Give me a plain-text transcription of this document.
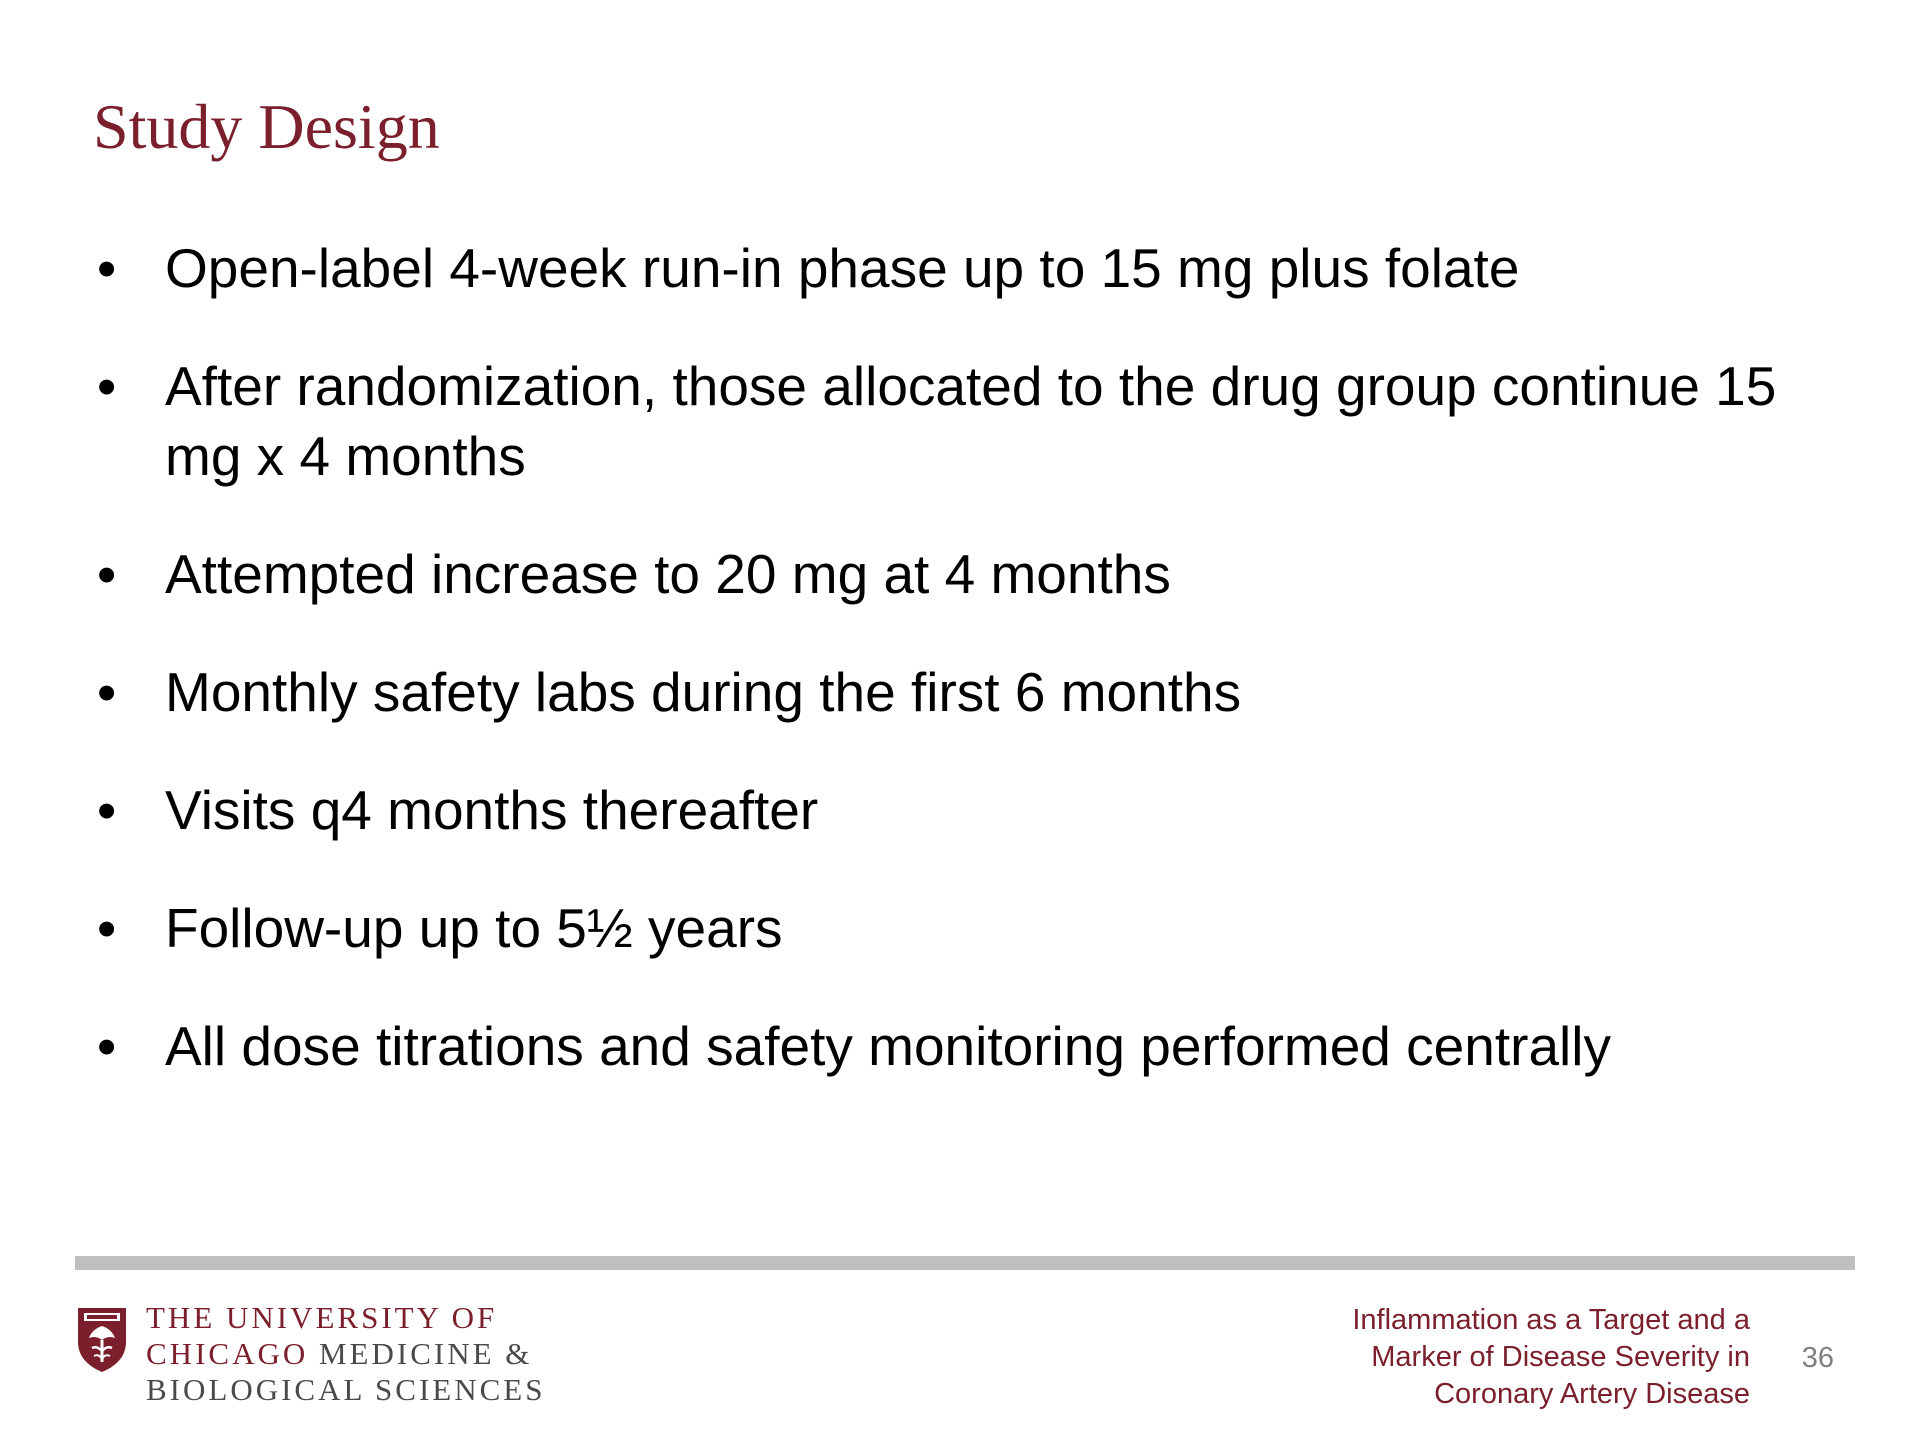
Study Design
• Open-label 4-week run-in phase up to 15 mg plus folate
• After randomization, those allocated to the drug group continue 15 mg x 4 months
• Attempted increase to 20 mg at 4 months
• Monthly safety labs during the first 6 months
• Visits q4 months thereafter
• Follow-up up to 5½ years
• All dose titrations and safety monitoring performed centrally
THE UNIVERSITY OF
CHICAGO MEDICINE &
BIOLOGICAL SCIENCES
Inflammation as a Target and a
Marker of Disease Severity in
Coronary Artery Disease
36
